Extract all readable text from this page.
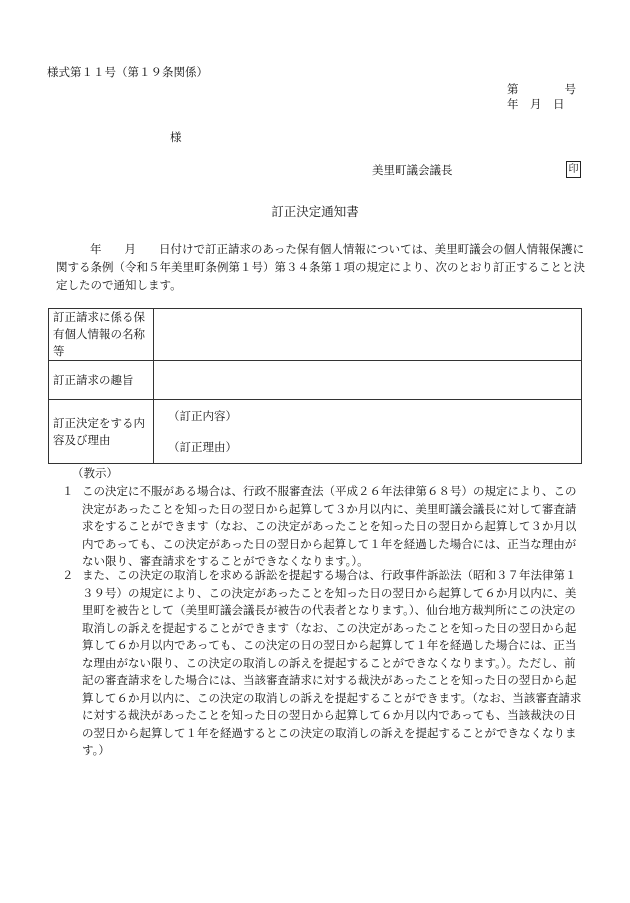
様式第１１号（第１９条関係）
第　　　　号
年　月　日
様
美里町議会議長	印
訂正決定通知書
年　　月　　日付けで訂正請求のあった保有個人情報については、美里町議会の個人情報保護に関する条例（令和５年美里町条例第１号）第３４条第１項の規定により、次のとおり訂正することと決定したので通知します。
訂正請求に係る保有個人情報の名称等	
訂正請求の趣旨	
訂正決定をする内容及び理由	（訂正内容）
（訂正理由）
（教示）
１ この決定に不服がある場合は、行政不服審査法（平成２６年法律第６８号）の規定により、この決定があったことを知った日の翌日から起算して３か月以内に、美里町議会議長に対して審査請求をすることができます（なお、この決定があったことを知った日の翌日から起算して３か月以内であっても、この決定があった日の翌日から起算して１年を経過した場合には、正当な理由がない限り、審査請求をすることができなくなります。）。
２ また、この決定の取消しを求める訴訟を提起する場合は、行政事件訴訟法（昭和３７年法律第１３９号）の規定により、この決定があったことを知った日の翌日から起算して６か月以内に、美里町を被告として（美里町議会議長が被告の代表者となります。）、仙台地方裁判所にこの決定の取消しの訴えを提起することができます（なお、この決定があったことを知った日の翌日から起算して６か月以内であっても、この決定の日の翌日から起算して１年を経過した場合には、正当な理由がない限り、この決定の取消しの訴えを提起することができなくなります。）。ただし、前記の審査請求をした場合には、当該審査請求に対する裁決があったことを知った日の翌日から起算して６か月以内に、この決定の取消しの訴えを提起することができます。（なお、当該審査請求に対する裁決があったことを知った日の翌日から起算して６か月以内であっても、当該裁決の日の翌日から起算して１年を経過するとこの決定の取消しの訴えを提起することができなくなります。）
